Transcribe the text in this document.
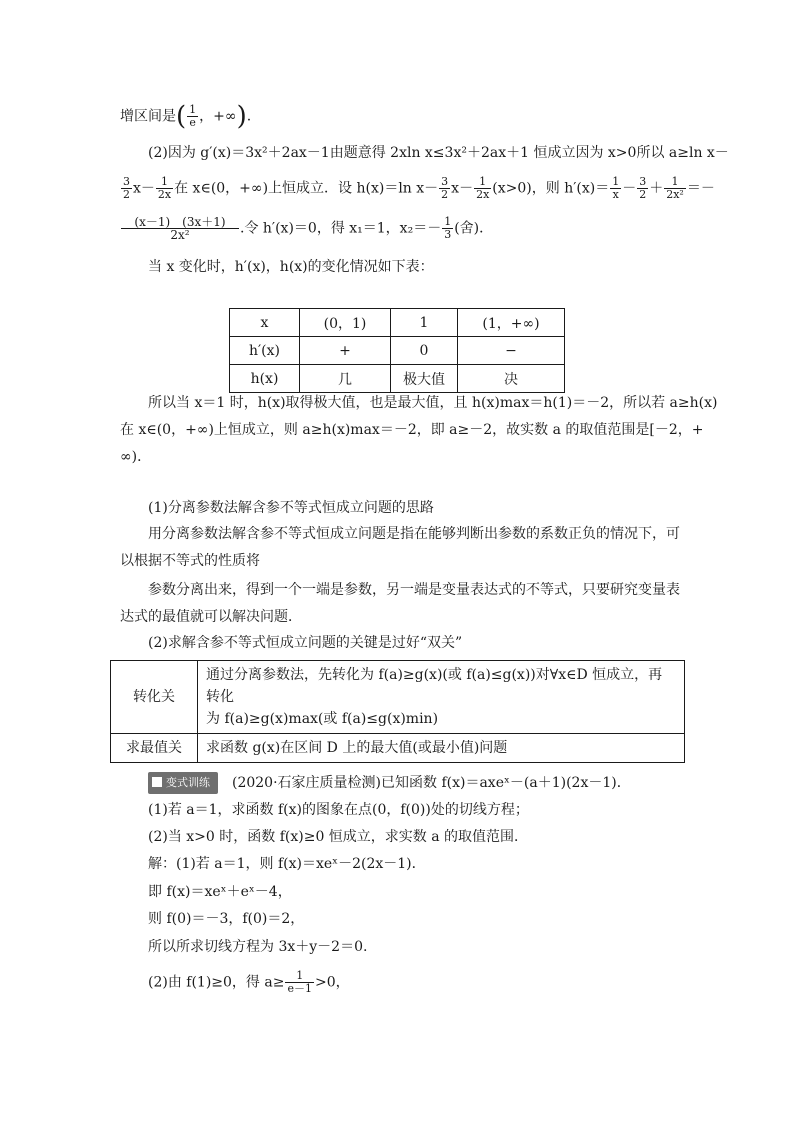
增区间是( $\frac{1}{e}$ ，+∞).
(2)因为 g′(x)＝3x²＋2ax－1由题意得 2xln x≤3x²＋2ax＋1 恒成立因为 x>0所以 a≥ln x－
$\frac{3}{2} x- \frac{1}{2x}$ 在 x∈(0，+∞)上恒成立．设 h(x)＝ln $x- \frac{3}{2} x- \frac{1}{2x} (x>0)$，则 $h'(x)= \frac{1}{x} - \frac{3}{2} + \frac{1}{\text{2x²}}$ ＝－
$\frac{(x-1) (3x+1)}{\text{2x²}}$ .令 h′(x)＝0，得 x₁＝1，$x_2=- \frac{1}{3}$ (舍)．
当 x 变化时，h′(x)，h(x)的变化情况如下表：
x	(0，1)	1	(1，+∞)
h′(x)	+	0	−
h(x)	几	极大值	决
所以当 x＝1 时，h(x)取得极大值，也是最大值，且 h(x)max＝h(1)＝－2，所以若 a≥h(x)
在 x∈(0，+∞)上恒成立，则 a≥h(x)max＝－2，即 a≥－2，故实数 a 的取值范围是[－2，+
∞)．
(1)分离参数法解含参不等式恒成立问题的思路
用分离参数法解含参不等式恒成立问题是指在能够判断出参数的系数正负的情况下，可
以根据不等式的性质将
参数分离出来，得到一个一端是参数，另一端是变量表达式的不等式，只要研究变量表
达式的最值就可以解决问题．
(2)求解含参不等式恒成立问题的关键是过好“双关”
转化关	通过分离参数法，先转化为 f(a)≥g(x)(或 f(a)≤g(x))对∀x∈D 恒成立，再转化
为 f(a)≥g(x)max(或 f(a)≤g(x)min)

求最值关	求函数 g(x)在区间 D 上的最大值(或最小值)问题
变式训练 (2020·石家庄质量检测)已知函数 f(x)＝axeˣ－(a＋1)(2x－1)．
(1)若 a＝1，求函数 f(x)的图象在点(0，f(0))处的切线方程；
(2)当 x>0 时，函数 f(x)≥0 恒成立，求实数 a 的取值范围．
解：(1)若 a＝1，则 f(x)＝xeˣ－2(2x－1)．
即 f(x)＝xeˣ＋eˣ－4，
则 f(0)＝－3，f(0)＝2，
所以所求切线方程为 3x＋y－2＝0.
(2)由 f(1)≥0，得 $a\ge \frac{1}{e-1} >0$，
